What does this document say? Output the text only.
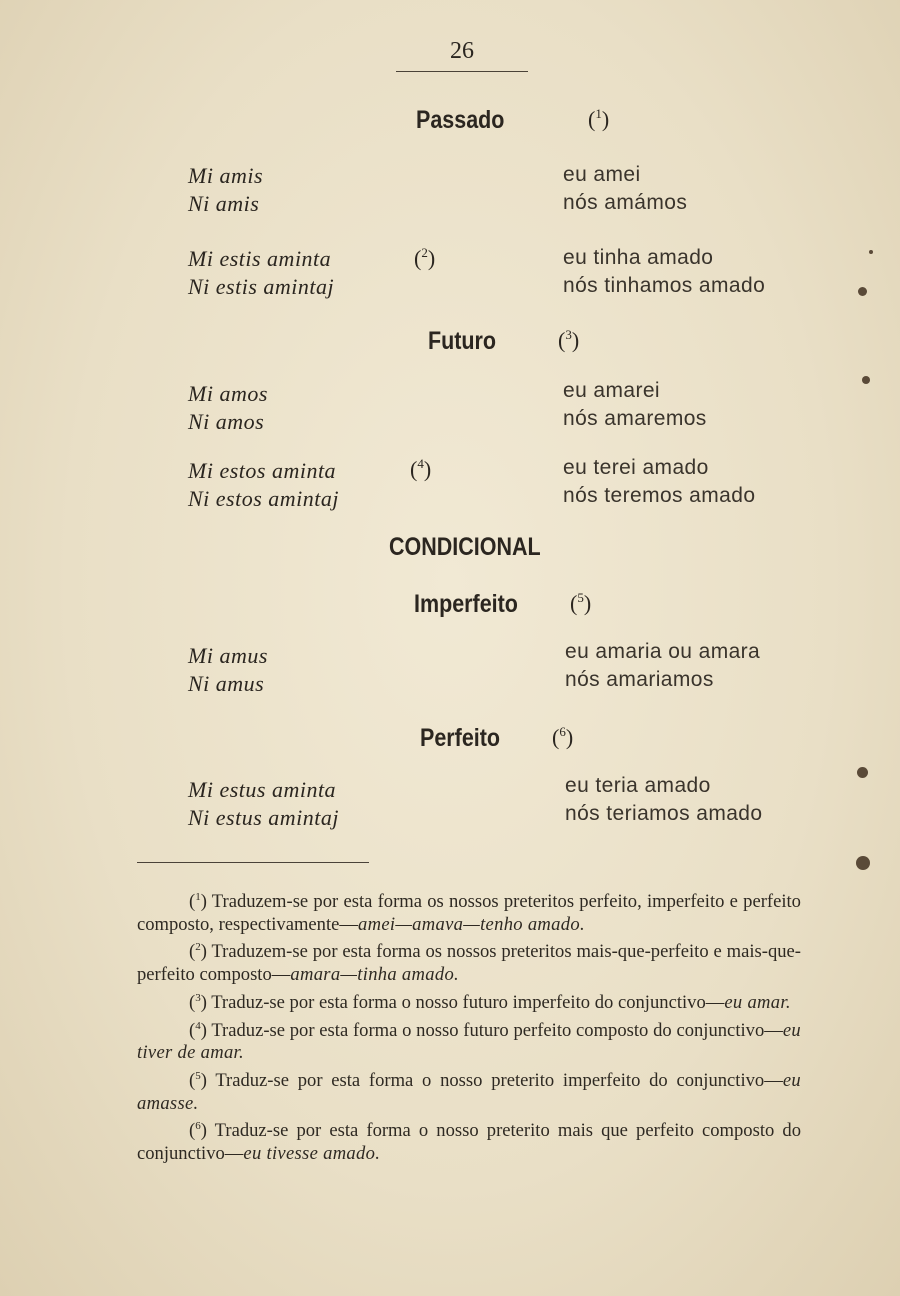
26
Passado	($^1$)
Mi amis	eu amei
Ni amis	nós amámos
Mi estis aminta	($^2$)	eu tinha amado
Ni estis amintaj	nós tinhamos amado
Futuro	($^3$)
Mi amos	eu amarei
Ni amos	nós amaremos
Mi estos aminta	($^4$)	eu terei amado
Ni estos amintaj	nós teremos amado
CONDICIONAL
Imperfeito ($^5$)
Mi amus	eu amaria ou amara
Ni amus	nós amariamos
Perfeito ($^6$)
Mi estus aminta	eu teria amado
Ni estus amintaj	nós teriamos amado

($^1$) Traduzem-se por esta forma os nossos preteritos perfeito, imperfeito e perfeito composto, respectivamente—amei—amava—tenho amado.

($^2$) Traduzem-se por esta forma os nossos preteritos mais-que-perfeito e mais-que-perfeito composto—amara—tinha amado.

($^3$) Traduz-se por esta forma o nosso futuro imperfeito do conjunctivo—eu amar.

($^4$) Traduz-se por esta forma o nosso futuro perfeito composto do conjunctivo—eu tiver de amar.

($^5$) Traduz-se por esta forma o nosso preterito imperfeito do conjunctivo—eu amasse.

($^6$) Traduz-se por esta forma o nosso preterito mais que perfeito composto do conjunctivo—eu tivesse amado.
